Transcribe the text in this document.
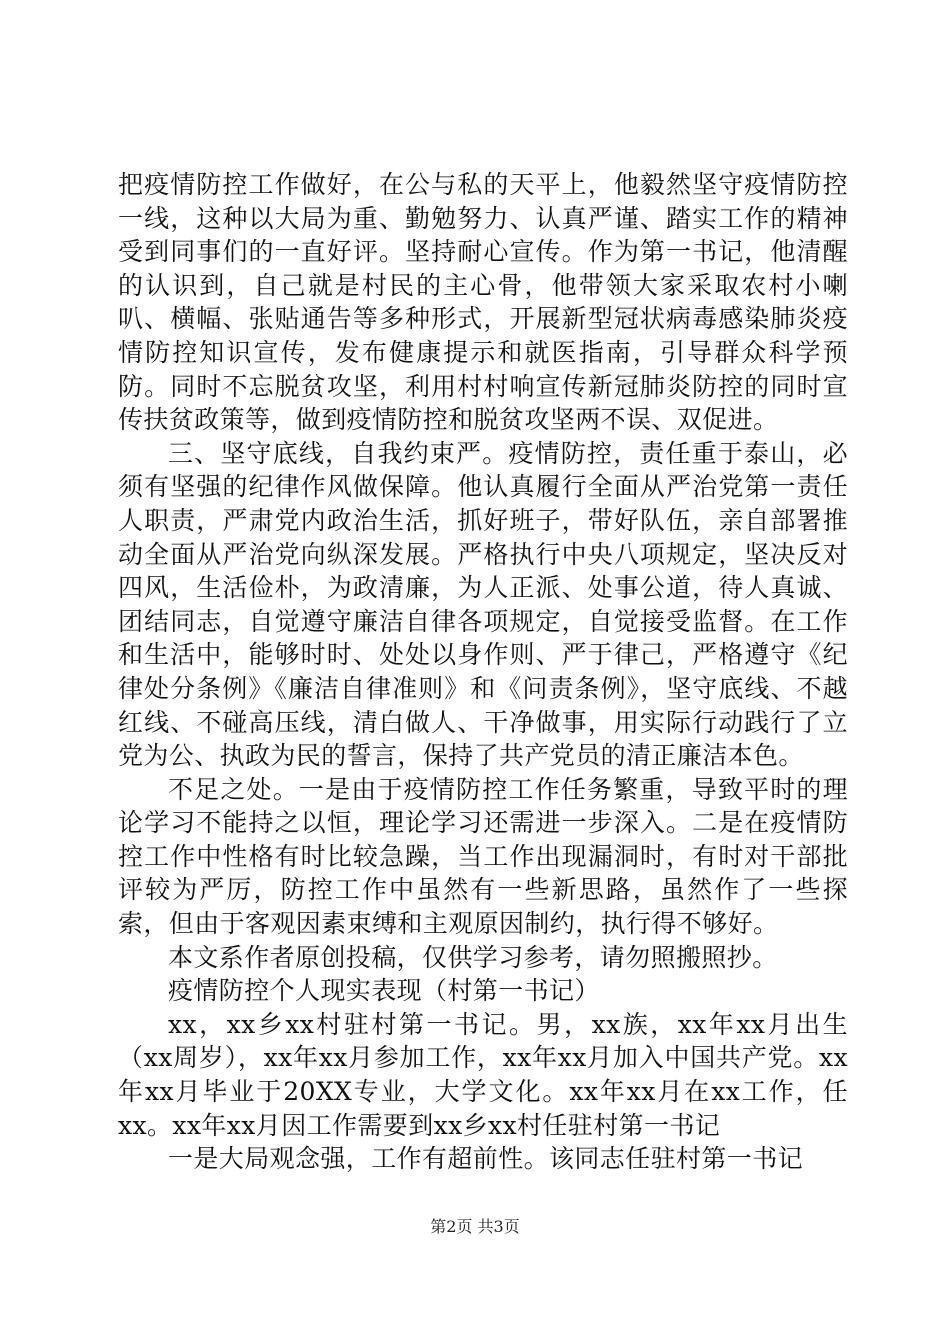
把疫情防控工作做好，在公与私的天平上，他毅然坚守疫情防控一线，这种以大局为重、勤勉努力、认真严谨、踏实工作的精神受到同事们的一直好评。坚持耐心宣传。作为第一书记，他清醒的认识到，自己就是村民的主心骨，他带领大家采取农村小喇叭、横幅、张贴通告等多种形式，开展新型冠状病毒感染肺炎疫情防控知识宣传，发布健康提示和就医指南，引导群众科学预防。同时不忘脱贫攻坚，利用村村响宣传新冠肺炎防控的同时宣传扶贫政策等，做到疫情防控和脱贫攻坚两不误、双促进。

三、坚守底线，自我约束严。疫情防控，责任重于泰山，必须有坚强的纪律作风做保障。他认真履行全面从严治党第一责任人职责，严肃党内政治生活，抓好班子，带好队伍，亲自部署推动全面从严治党向纵深发展。严格执行中央八项规定，坚决反对四风，生活俭朴，为政清廉，为人正派、处事公道，待人真诚、团结同志，自觉遵守廉洁自律各项规定，自觉接受监督。在工作和生活中，能够时时、处处以身作则、严于律己，严格遵守《纪律处分条例》《廉洁自律准则》和《问责条例》，坚守底线、不越红线、不碰高压线，清白做人、干净做事，用实际行动践行了立党为公、执政为民的誓言，保持了共产党员的清正廉洁本色。

不足之处。一是由于疫情防控工作任务繁重，导致平时的理论学习不能持之以恒，理论学习还需进一步深入。二是在疫情防控工作中性格有时比较急躁，当工作出现漏洞时，有时对干部批评较为严厉，防控工作中虽然有一些新思路，虽然作了一些探索，但由于客观因素束缚和主观原因制约，执行得不够好。

本文系作者原创投稿，仅供学习参考，请勿照搬照抄。

疫情防控个人现实表现（村第一书记）

xx，xx乡xx村驻村第一书记。男，xx族，xx年xx月出生（xx周岁），xx年xx月参加工作，xx年xx月加入中国共产党。xx年xx月毕业于20XX专业，大学文化。xx年xx月在xx工作，任xx。xx年xx月因工作需要到xx乡xx村任驻村第一书记

一是大局观念强，工作有超前性。该同志任驻村第一书记

第2页 共3页
